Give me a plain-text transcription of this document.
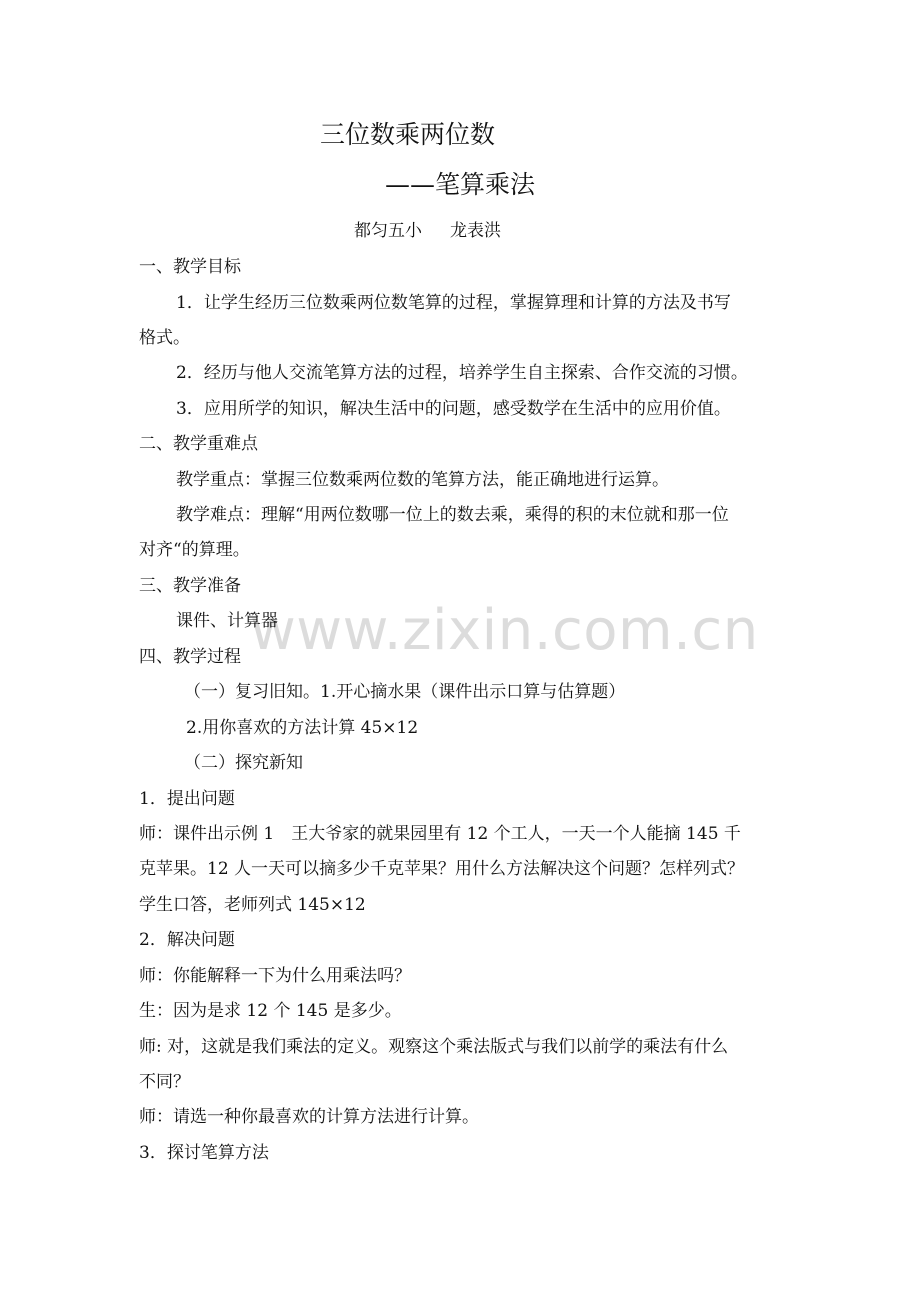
www.zixin.com.cn
三位数乘两位数
——笔算乘法
都匀五小 龙表洪
一、教学目标
1．让学生经历三位数乘两位数笔算的过程，掌握算理和计算的方法及书写
格式。
2．经历与他人交流笔算方法的过程，培养学生自主探索、合作交流的习惯。
3．应用所学的知识，解决生活中的问题，感受数学在生活中的应用价值。
二、教学重难点
教学重点：掌握三位数乘两位数的笔算方法，能正确地进行运算。
教学难点：理解“用两位数哪一位上的数去乘，乘得的积的末位就和那一位
对齐“的算理。
三、教学准备
课件、计算器
四、教学过程
（一）复习旧知。1.开心摘水果（课件出示口算与估算题）
2.用你喜欢的方法计算 45×12
（二）探究新知
1．提出问题
师：课件出示例 1　王大爷家的就果园里有 12 个工人，一天一个人能摘 145 千
克苹果。12 人一天可以摘多少千克苹果？用什么方法解决这个问题？怎样列式？
学生口答，老师列式 145×12
2．解决问题
师：你能解释一下为什么用乘法吗？
生：因为是求 12 个 145 是多少。
师: 对，这就是我们乘法的定义。观察这个乘法版式与我们以前学的乘法有什么
不同？
师：请选一种你最喜欢的计算方法进行计算。
3．探讨笔算方法
